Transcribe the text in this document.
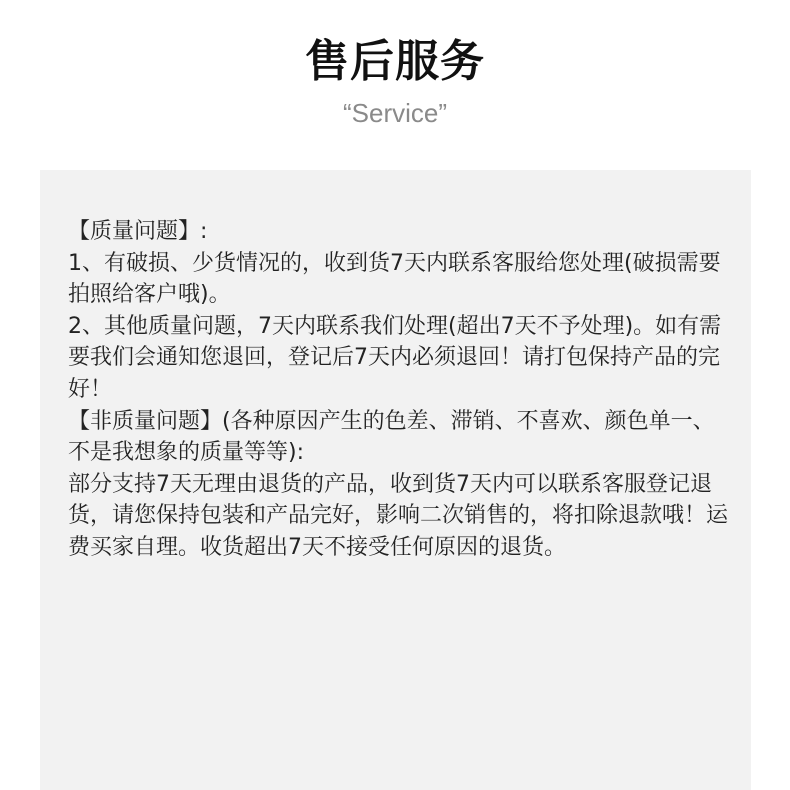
售后服务
“Service”

【质量问题】:

1、有破损、少货情况的，收到货7天内联系客服给您处理(破损需要拍照给客户哦)。

2、其他质量问题，7天内联系我们处理(超出7天不予处理)。如有需要我们会通知您退回，登记后7天内必须退回！请打包保持产品的完好！

【非质量问题】(各种原因产生的色差、滞销、不喜欢、颜色单一、不是我想象的质量等等):

部分支持7天无理由退货的产品，收到货7天内可以联系客服登记退货，请您保持包装和产品完好，影响二次销售的，将扣除退款哦！运费买家自理。收货超出7天不接受任何原因的退货。
